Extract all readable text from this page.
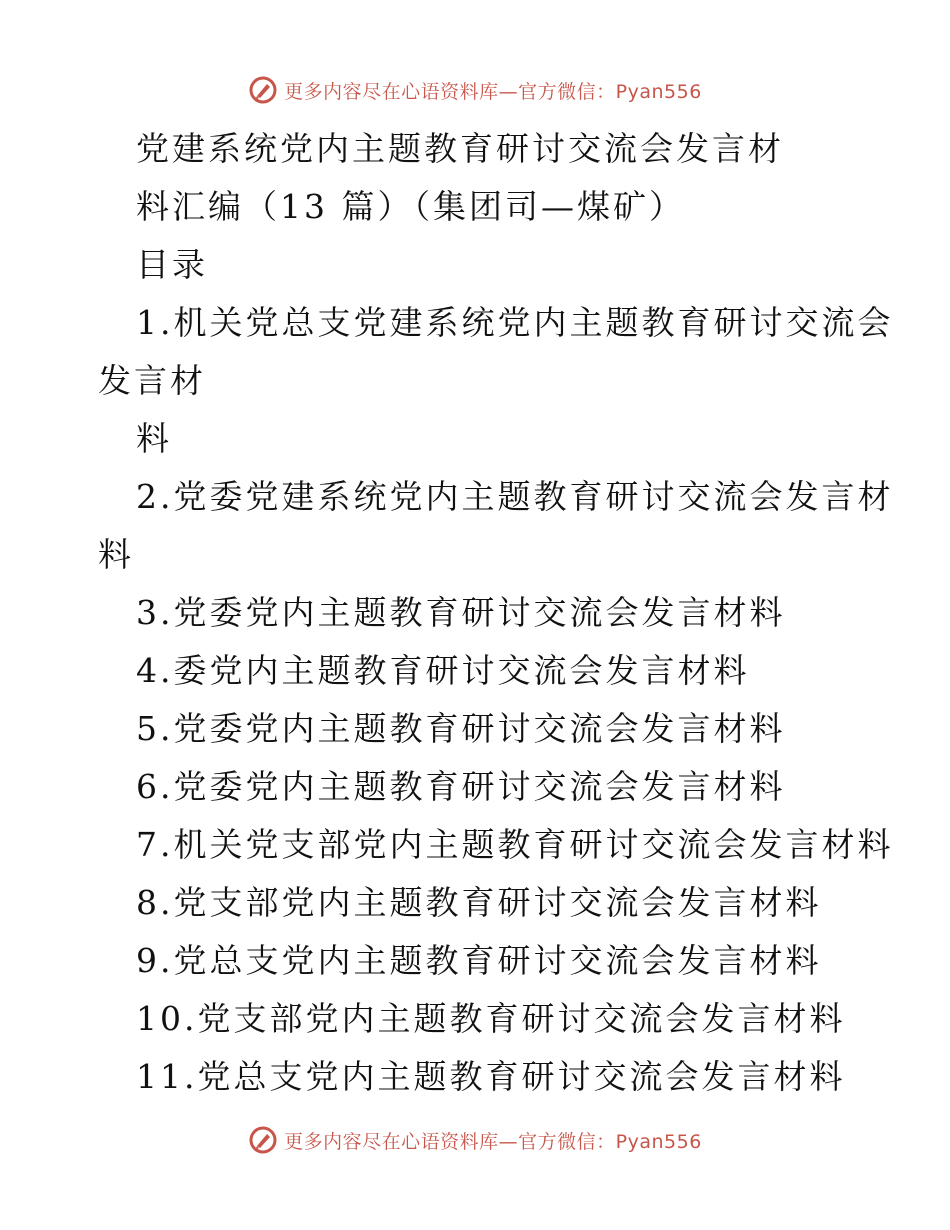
更多内容尽在心语资料库—官方微信：Pyan556
党建系统党内主题教育研讨交流会发言材
料汇编（13 篇）（集团司—煤矿）
目录
1.机关党总支党建系统党内主题教育研讨交流会
发言材
料
2.党委党建系统党内主题教育研讨交流会发言材
料
3.党委党内主题教育研讨交流会发言材料
4.委党内主题教育研讨交流会发言材料
5.党委党内主题教育研讨交流会发言材料
6.党委党内主题教育研讨交流会发言材料
7.机关党支部党内主题教育研讨交流会发言材料
8.党支部党内主题教育研讨交流会发言材料
9.党总支党内主题教育研讨交流会发言材料
10.党支部党内主题教育研讨交流会发言材料
11.党总支党内主题教育研讨交流会发言材料
更多内容尽在心语资料库—官方微信：Pyan556
